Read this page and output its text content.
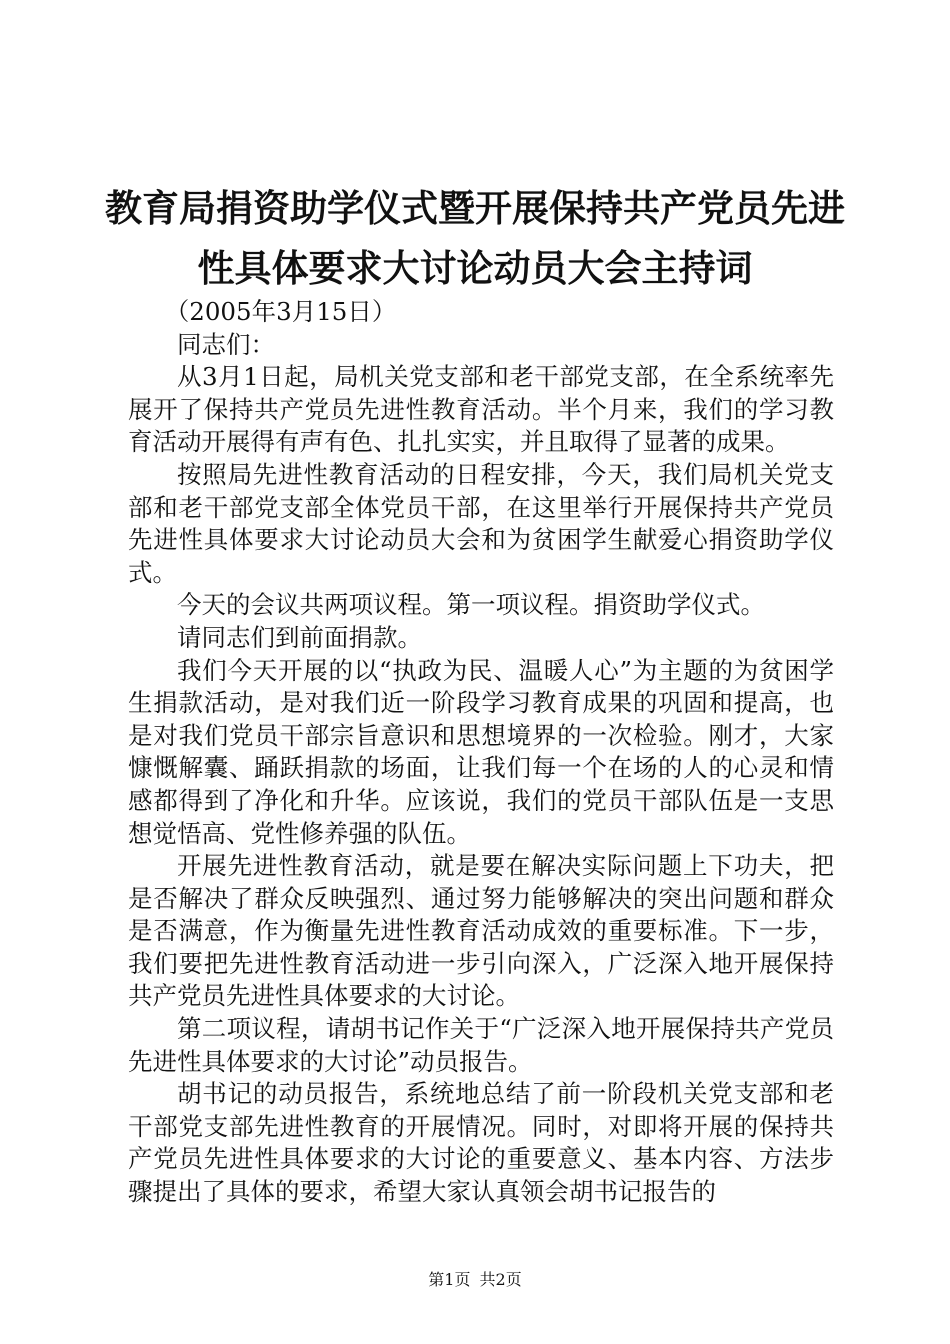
教育局捐资助学仪式暨开展保持共产党员先进
性具体要求大讨论动员大会主持词

（2005年3月15日）

同志们：

从3月1日起，局机关党支部和老干部党支部，在全系统率先展开了保持共产党员先进性教育活动。半个月来，我们的学习教育活动开展得有声有色、扎扎实实，并且取得了显著的成果。

按照局先进性教育活动的日程安排，今天，我们局机关党支部和老干部党支部全体党员干部，在这里举行开展保持共产党员先进性具体要求大讨论动员大会和为贫困学生献爱心捐资助学仪式。

今天的会议共两项议程。第一项议程。捐资助学仪式。

请同志们到前面捐款。

我们今天开展的以“执政为民、温暖人心”为主题的为贫困学生捐款活动，是对我们近一阶段学习教育成果的巩固和提高，也是对我们党员干部宗旨意识和思想境界的一次检验。刚才，大家慷慨解囊、踊跃捐款的场面，让我们每一个在场的人的心灵和情感都得到了净化和升华。应该说，我们的党员干部队伍是一支思想觉悟高、党性修养强的队伍。

开展先进性教育活动，就是要在解决实际问题上下功夫，把是否解决了群众反映强烈、通过努力能够解决的突出问题和群众是否满意，作为衡量先进性教育活动成效的重要标准。下一步，我们要把先进性教育活动进一步引向深入，广泛深入地开展保持共产党员先进性具体要求的大讨论。

第二项议程，请胡书记作关于“广泛深入地开展保持共产党员先进性具体要求的大讨论”动员报告。

胡书记的动员报告，系统地总结了前一阶段机关党支部和老干部党支部先进性教育的开展情况。同时，对即将开展的保持共产党员先进性具体要求的大讨论的重要意义、基本内容、方法步骤提出了具体的要求，希望大家认真领会胡书记报告的

第1页 共2页
